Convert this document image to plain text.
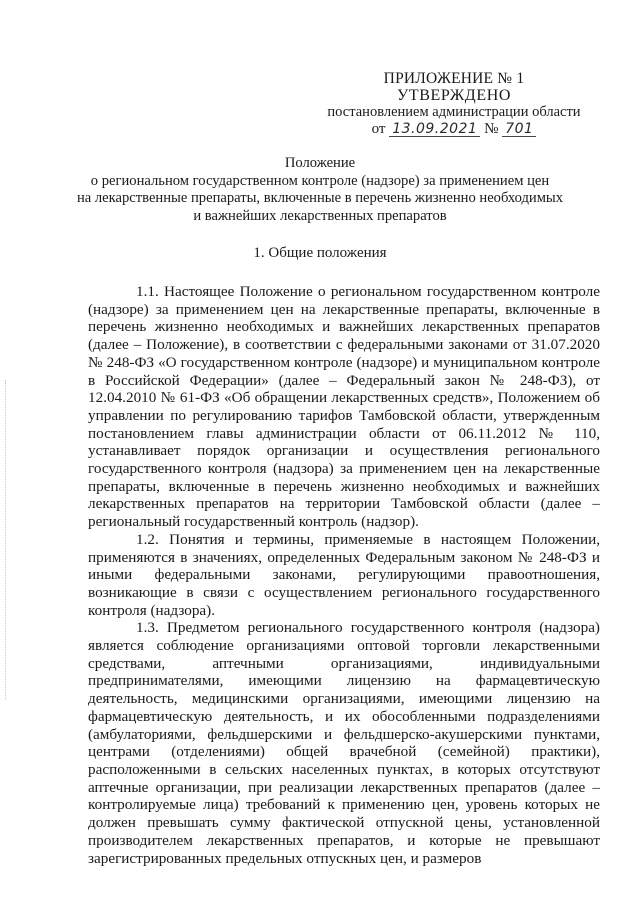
ПРИЛОЖЕНИЕ № 1
УТВЕРЖДЕНО
постановлением администрации области
от 13.09.2021 № 701
Положение
о региональном государственном контроле (надзоре) за применением цен
на лекарственные препараты, включенные в перечень жизненно необходимых
и важнейших лекарственных препаратов
1. Общие положения

1.1. Настоящее Положение о региональном государственном контроле (надзоре) за применением цен на лекарственные препараты, включенные в перечень жизненно необходимых и важнейших лекарственных препаратов (далее – Положение), в соответствии с федеральными законами от 31.07.2020 № 248-ФЗ «О государственном контроле (надзоре) и муниципальном контроле в Российской Федерации» (далее – Федеральный закон № 248-ФЗ), от 12.04.2010 № 61-ФЗ «Об обращении лекарственных средств», Положением об управлении по регулированию тарифов Тамбовской области, утвержденным постановлением главы администрации области от 06.11.2012 № 110, устанавливает порядок организации и осуществления регионального государственного контроля (надзора) за применением цен на лекарственные препараты, включенные в перечень жизненно необходимых и важнейших лекарственных препаратов на территории Тамбовской области (далее – региональный государственный контроль (надзор).

1.2. Понятия и термины, применяемые в настоящем Положении, применяются в значениях, определенных Федеральным законом № 248-ФЗ и иными федеральными законами, регулирующими правоотношения, возникающие в связи с осуществлением регионального государственного контроля (надзора).

1.3. Предметом регионального государственного контроля (надзора) является соблюдение организациями оптовой торговли лекарственными средствами, аптечными организациями, индивидуальными предпринимателями, имеющими лицензию на фармацевтическую деятельность, медицинскими организациями, имеющими лицензию на фармацевтическую деятельность, и их обособленными подразделениями (амбулаториями, фельдшерскими и фельдшерско-акушерскими пунктами, центрами (отделениями) общей врачебной (семейной) практики), расположенными в сельских населенных пунктах, в которых отсутствуют аптечные организации, при реализации лекарственных препаратов (далее – контролируемые лица) требований к применению цен, уровень которых не должен превышать сумму фактической отпускной цены, установленной производителем лекарственных препаратов, и которые не превышают зарегистрированных предельных отпускных цен, и размеров
